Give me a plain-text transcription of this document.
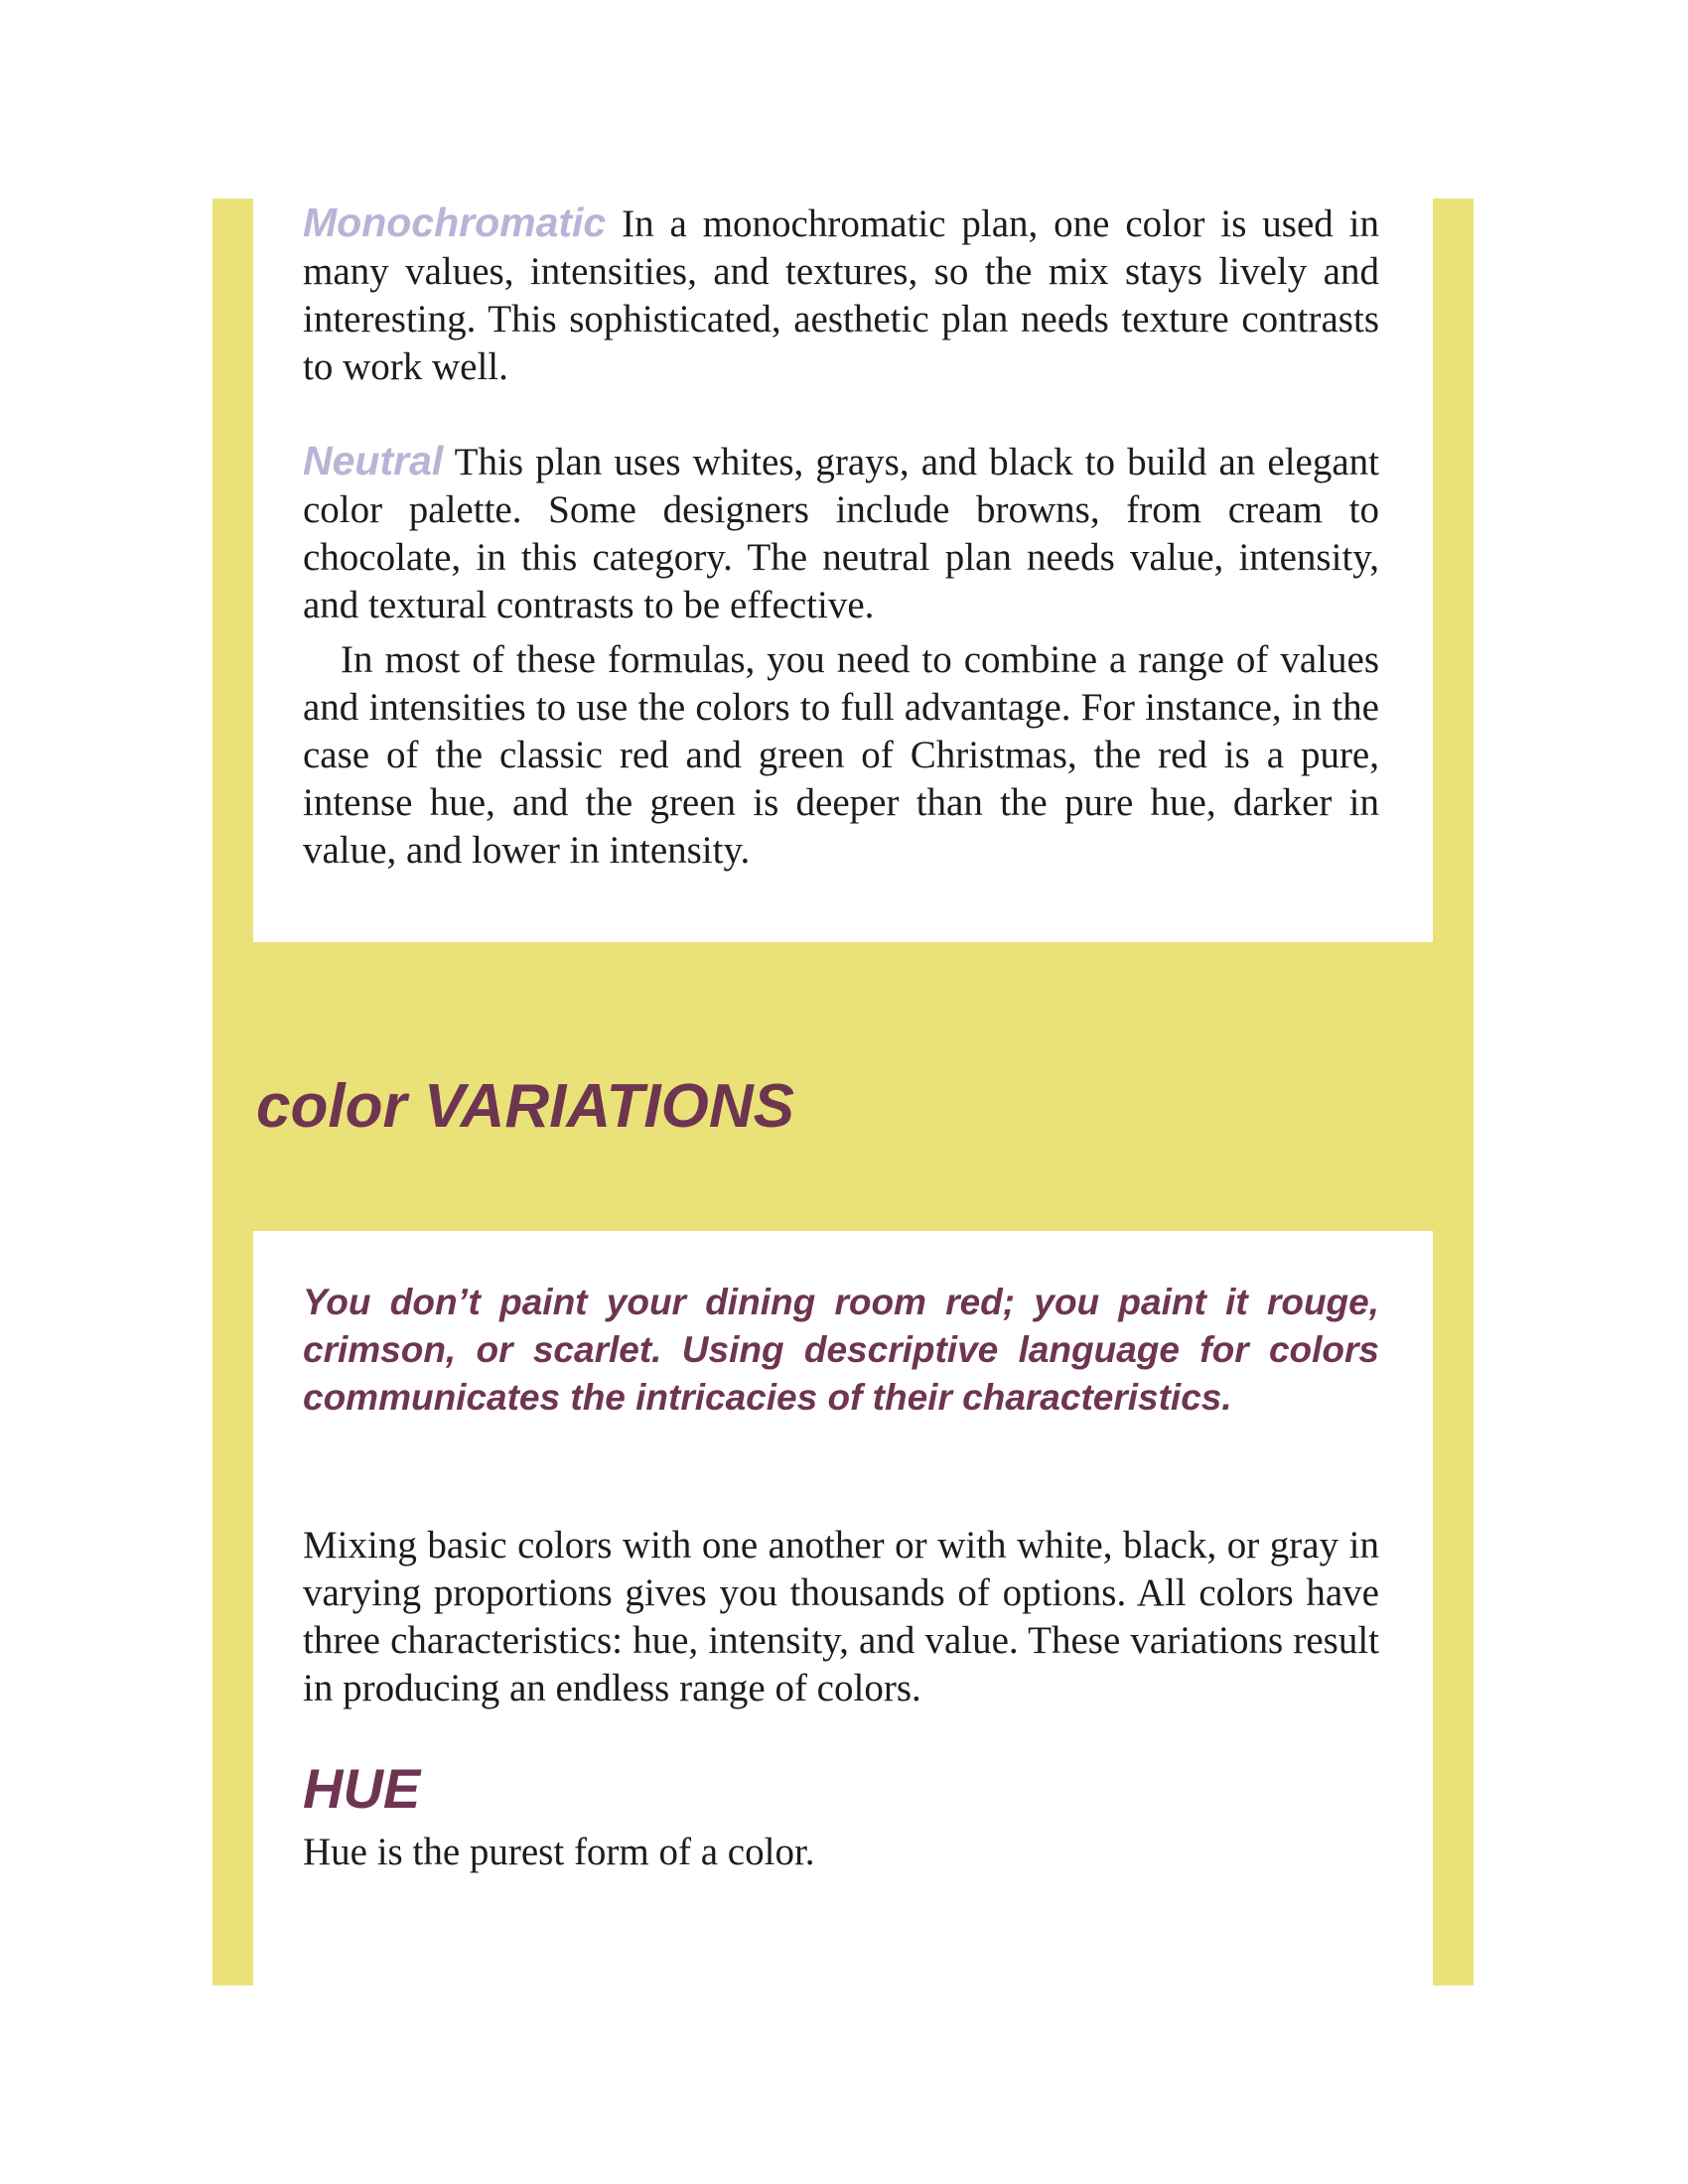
Monochromatic In a monochromatic plan, one color is used in many values, intensities, and textures, so the mix stays lively and interesting. This sophisticated, aesthetic plan needs texture contrasts to work well.

Neutral This plan uses whites, grays, and black to build an elegant color palette. Some designers include browns, from cream to chocolate, in this category. The neutral plan needs value, intensity, and textural contrasts to be effective.

In most of these formulas, you need to combine a range of values and intensities to use the colors to full advantage. For instance, in the case of the classic red and green of Christmas, the red is a pure, intense hue, and the green is deeper than the pure hue, darker in value, and lower in intensity.

color VARIATIONS

You don’t paint your dining room red; you paint it rouge, crimson, or scarlet. Using descriptive language for colors communicates the intricacies of their characteristics.

Mixing basic colors with one another or with white, black, or gray in varying proportions gives you thousands of options. All colors have three characteristics: hue, intensity, and value. These variations result in producing an endless range of colors.

HUE

Hue is the purest form of a color.
